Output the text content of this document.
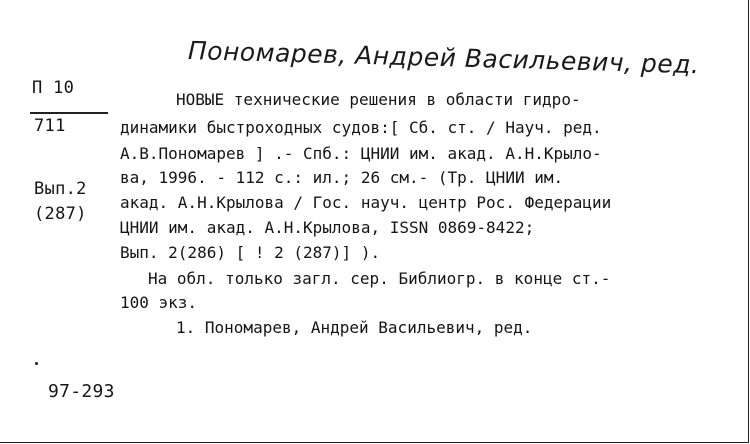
Пономарев, Андрей Васильевич, ред.
П 10
711
Вып.2
(287)
НОВЫЕ технические решения в области гидро-
динамики быстроходных судов:[ Сб. ст. / Науч. ред.
А.В.Пономарев ] .- Спб.: ЦНИИ им. акад. А.Н.Крыло-
ва, 1996. - 112 с.: ил.; 26 см.- (Тр. ЦНИИ им.
акад. А.Н.Крылова / Гос. науч. центр Рос. Федерации
ЦНИИ им. акад. А.Н.Крылова, ISSN 0869-8422;
Вып. 2(286) [ ! 2 (287)] ).
На обл. только загл. сер. Библиогр. в конце ст.-
100 экз.
1. Пономарев, Андрей Васильевич, ред.
97-293
